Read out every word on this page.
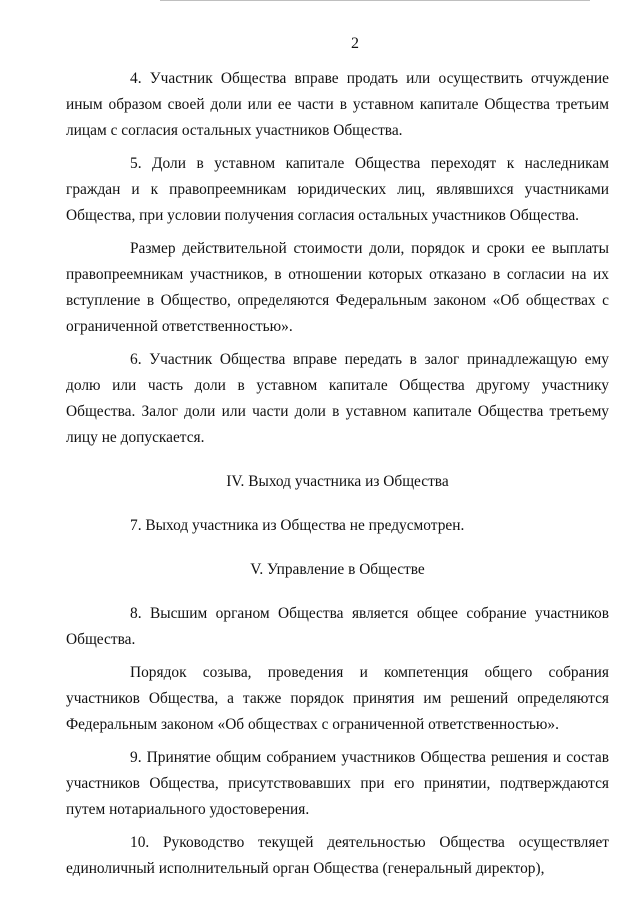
2

4. Участник Общества вправе продать или осуществить отчуждение иным образом своей доли или ее части в уставном капитале Общества третьим лицам с согласия остальных участников Общества.

5. Доли в уставном капитале Общества переходят к наследникам граждан и к правопреемникам юридических лиц, являвшихся участниками Общества, при условии получения согласия остальных участников Общества.

Размер действительной стоимости доли, порядок и сроки ее выплаты правопреемникам участников, в отношении которых отказано в согласии на их вступление в Общество, определяются Федеральным законом «Об обществах с ограниченной ответственностью».

6. Участник Общества вправе передать в залог принадлежащую ему долю или часть доли в уставном капитале Общества другому участнику Общества. Залог доли или части доли в уставном капитале Общества третьему лицу не допускается.

IV. Выход участника из Общества

7. Выход участника из Общества не предусмотрен.

V. Управление в Обществе

8. Высшим органом Общества является общее собрание участников Общества.

Порядок созыва, проведения и компетенция общего собрания участников Общества, а также порядок принятия им решений определяются Федеральным законом «Об обществах с ограниченной ответственностью».

9. Принятие общим собранием участников Общества решения и состав участников Общества, присутствовавших при его принятии, подтверждаются путем нотариального удостоверения.

10. Руководство текущей деятельностью Общества осуществляет единоличный исполнительный орган Общества (генеральный директор),
